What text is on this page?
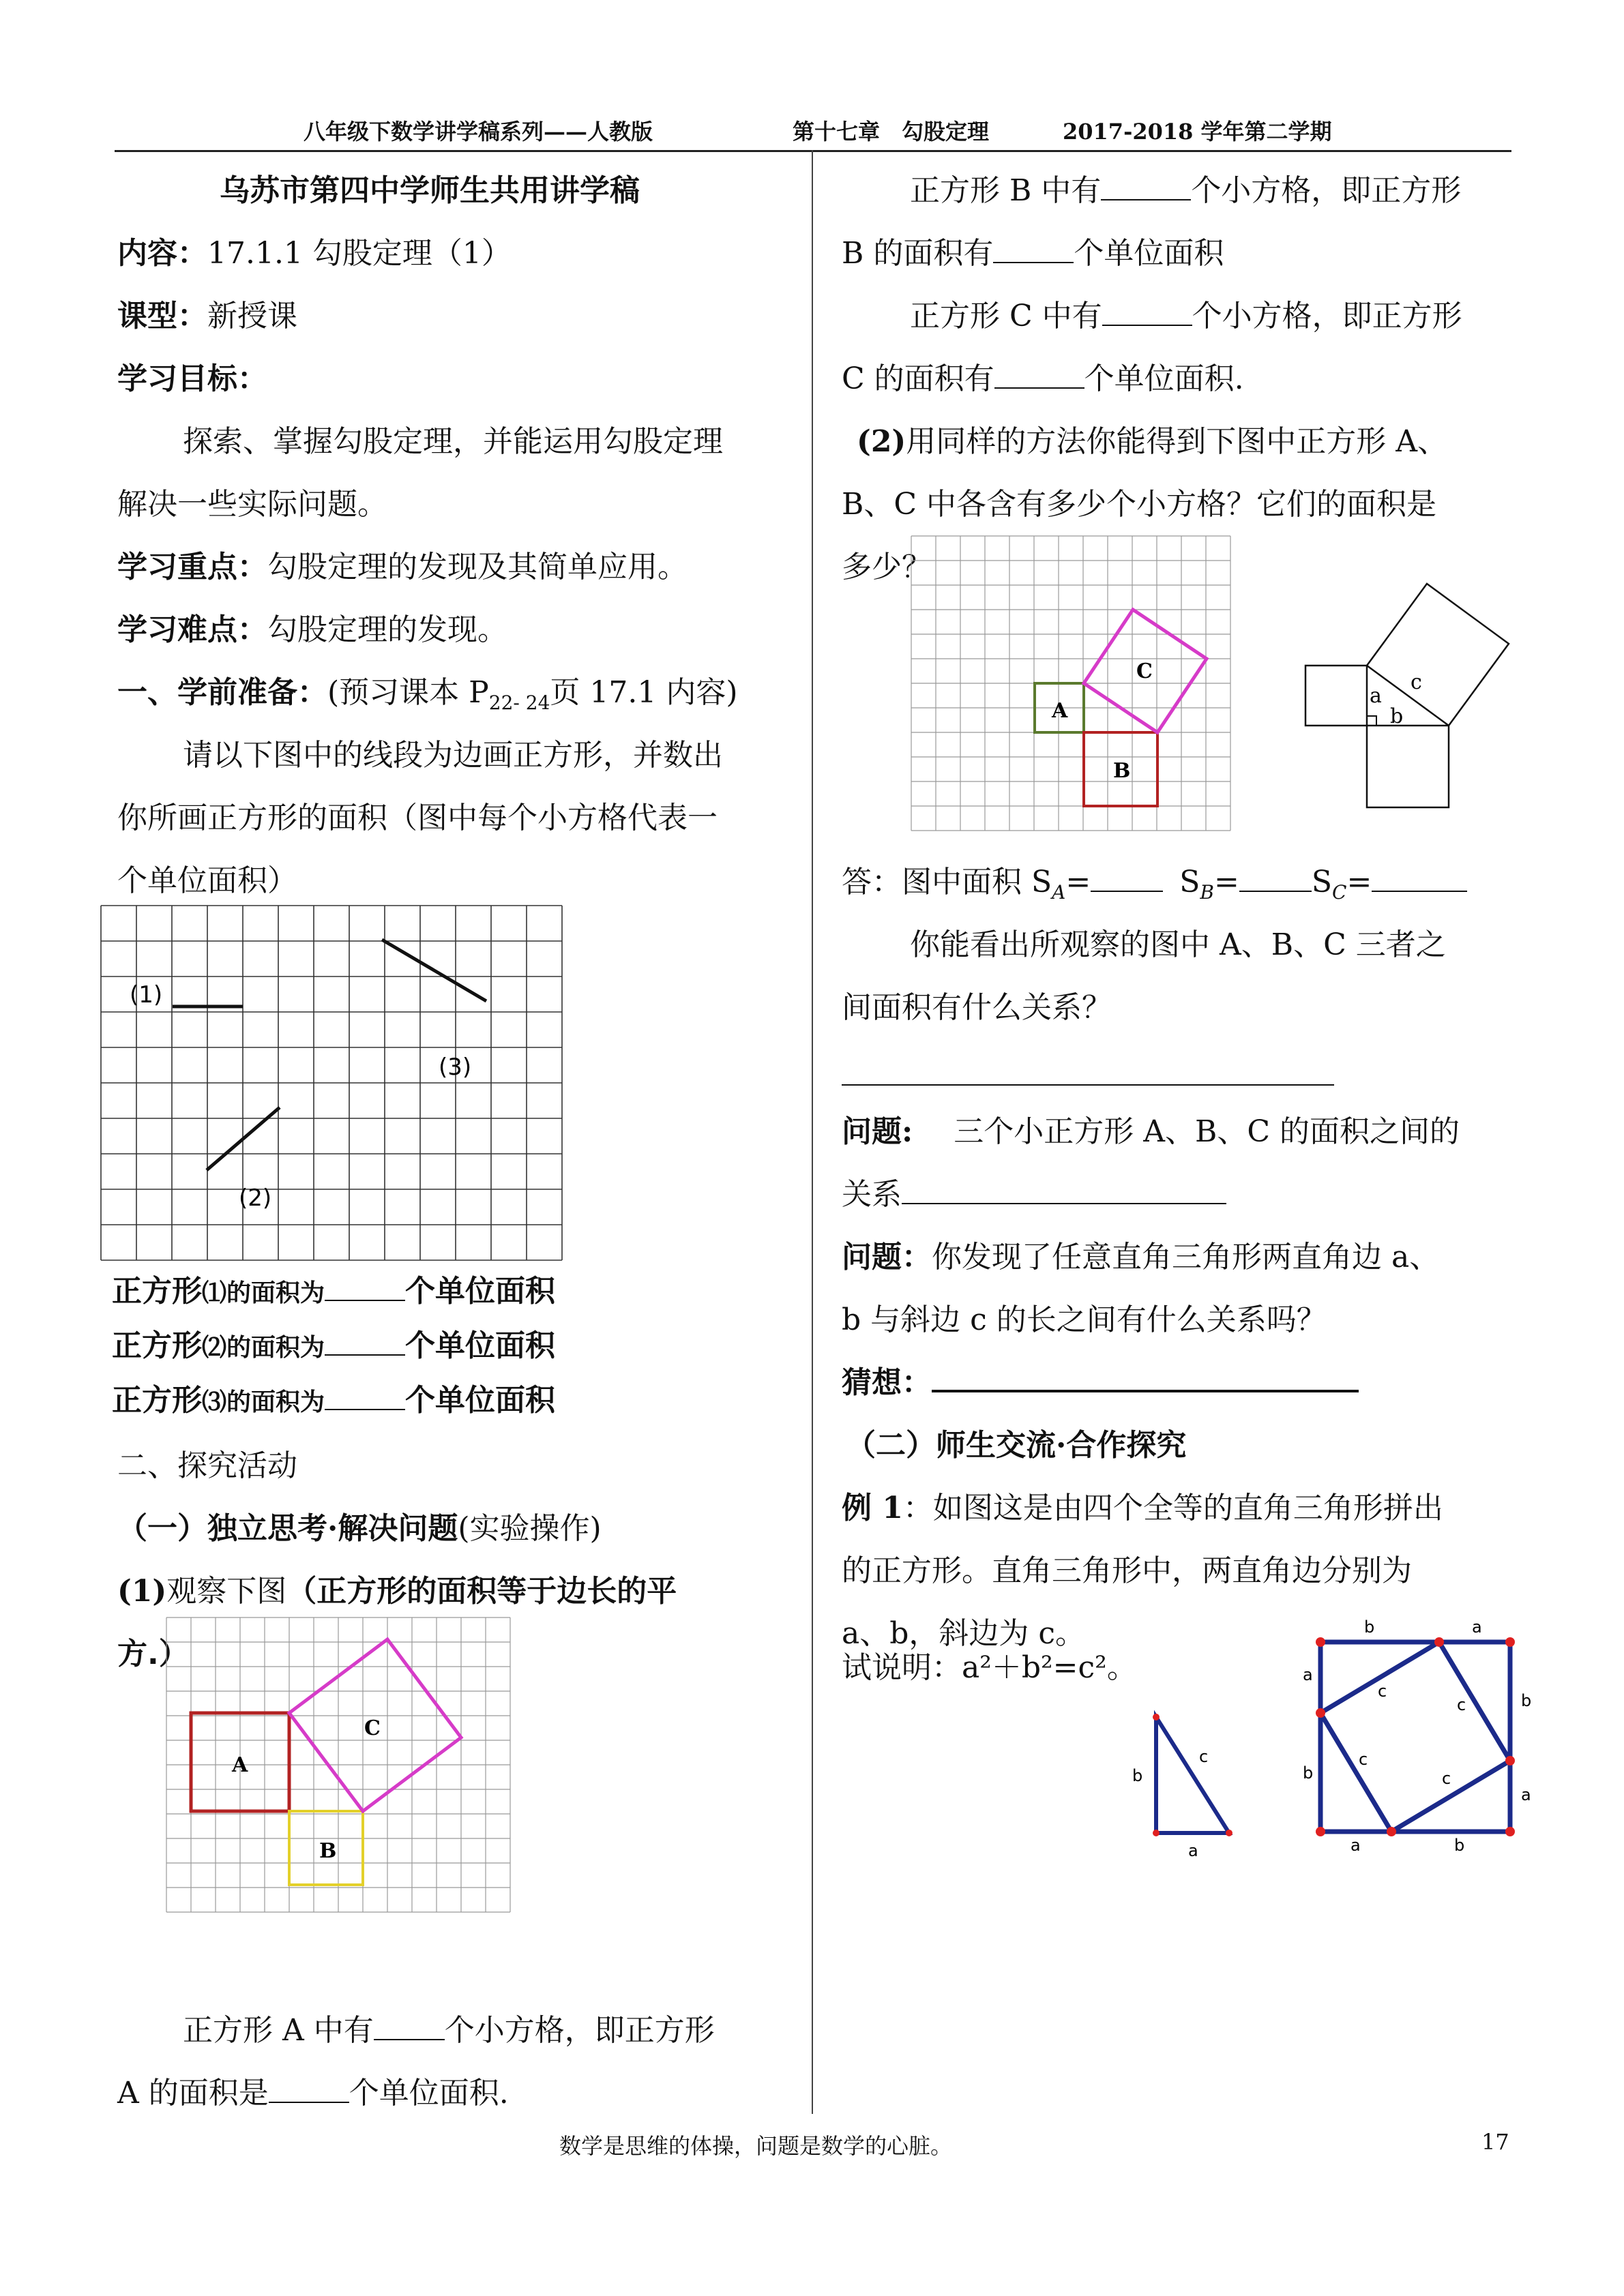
八年级下数学讲学稿系列——人教版	第十七章　勾股定理	2017-2018 学年第二学期
乌苏市第四中学师生共用讲学稿
内容：17.1.1 勾股定理（1）
课型：新授课
学习目标：
探索、掌握勾股定理，并能运用勾股定理
解决一些实际问题。
学习重点：勾股定理的发现及其简单应用。
学习难点：勾股定理的发现。
一、学前准备：(预习课本 $P_{22- 24}$页 17.1 内容)
请以下图中的线段为边画正方形，并数出
你所画正方形的面积（图中每个小方格代表一
个单位面积）
(1)
(2)
(3)
正方形⑴的面积为	个单位面积
正方形⑵的面积为	个单位面积
正方形⑶的面积为	个单位面积
二、探究活动
（一）独立思考·解决问题(实验操作)
(1)观察下图（正方形的面积等于边长的平
方.）
A
B
C
正方形 A 中有 个小方格，即正方形
A 的面积是	个单位面积.
正方形 B 中有	个小方格，即正方形
B 的面积有	个单位面积
正方形 C 中有	个小方格，即正方形
C 的面积有	个单位面积.
(2)用同样的方法你能得到下图中正方形 A、
B、C 中各含有多少个小方格？它们的面积是
多少？
A
B
C
a
b
c
答：图中面积 $S_A=$	$S_B= S_C=$
你能看出所观察的图中 A、B、C 三者之
间面积有什么关系？
问题: 三个小正方形 A、B、C 的面积之间的
关系
问题：你发现了任意直角三角形两直角边 a、
b 与斜边 c 的长之间有什么关系吗？
猜想：
（二）师生交流·合作探究
例 1：如图这是由四个全等的直角三角形拼出
的正方形。直角三角形中，两直角边分别为
a、b，斜边为 c。
试说明：a²＋b²=c²。
a
b
c
b	a
a
b
b
a
a	b
c
c
c
c
数学是思维的体操，问题是数学的心脏。	17
